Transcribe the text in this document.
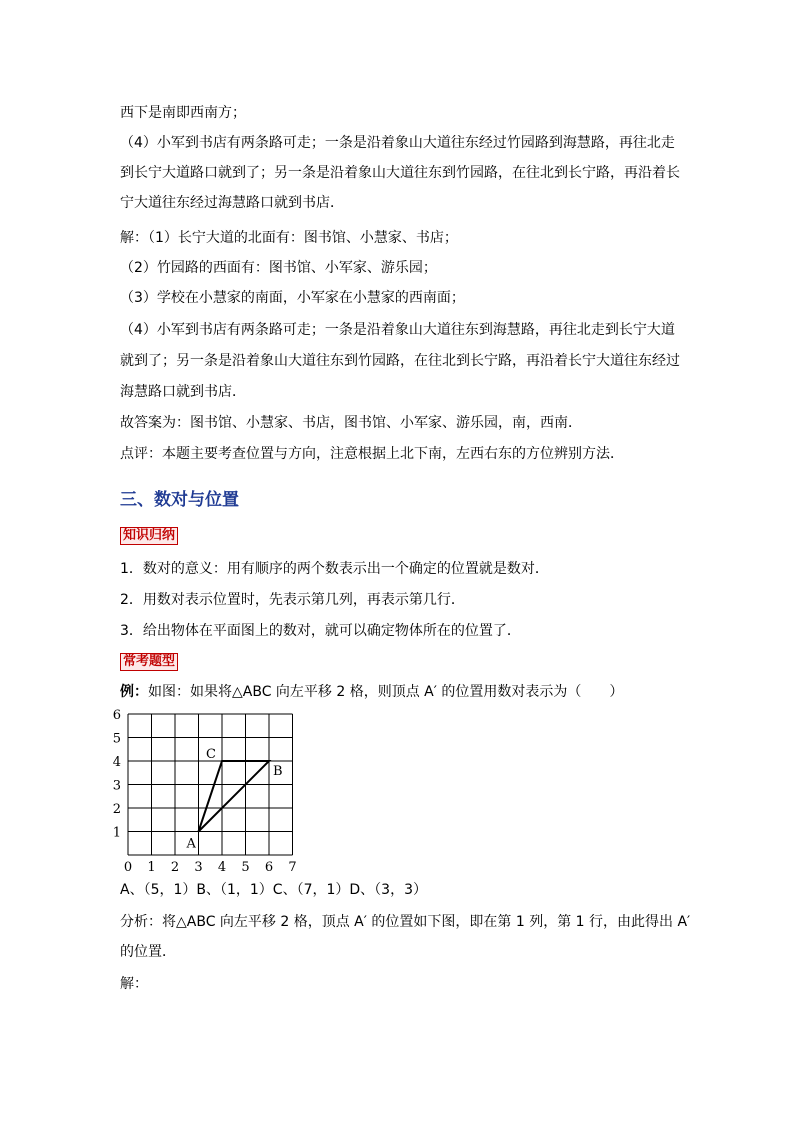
西下是南即西南方；
（4）小军到书店有两条路可走；一条是沿着象山大道往东经过竹园路到海慧路，再往北走
到长宁大道路口就到了；另一条是沿着象山大道往东到竹园路，在往北到长宁路，再沿着长
宁大道往东经过海慧路口就到书店．
解：（1）长宁大道的北面有：图书馆、小慧家、书店；
（2）竹园路的西面有：图书馆、小军家、游乐园；
（3）学校在小慧家的南面，小军家在小慧家的西南面；
（4）小军到书店有两条路可走；一条是沿着象山大道往东到海慧路，再往北走到长宁大道
就到了；另一条是沿着象山大道往东到竹园路，在往北到长宁路，再沿着长宁大道往东经过
海慧路口就到书店．
故答案为：图书馆、小慧家、书店，图书馆、小军家、游乐园，南，西南．
点评：本题主要考查位置与方向，注意根据上北下南，左西右东的方位辨别方法．
三、数对与位置
知识归纳
1．数对的意义：用有顺序的两个数表示出一个确定的位置就是数对．
2．用数对表示位置时，先表示第几列，再表示第几行．
3．给出物体在平面图上的数对，就可以确定物体所在的位置了．
常考题型
例：如图：如果将△ABC 向左平移 2 格，则顶点 A′ 的位置用数对表示为（　　）
0 1 2 3 4 5 6 7
1
2
3
4
5
6
A
B
C
A、（5，1）B、（1，1）C、（7，1）D、（3，3）
分析：将△ABC 向左平移 2 格，顶点 A′ 的位置如下图，即在第 1 列，第 1 行，由此得出 A′
的位置．
解：
